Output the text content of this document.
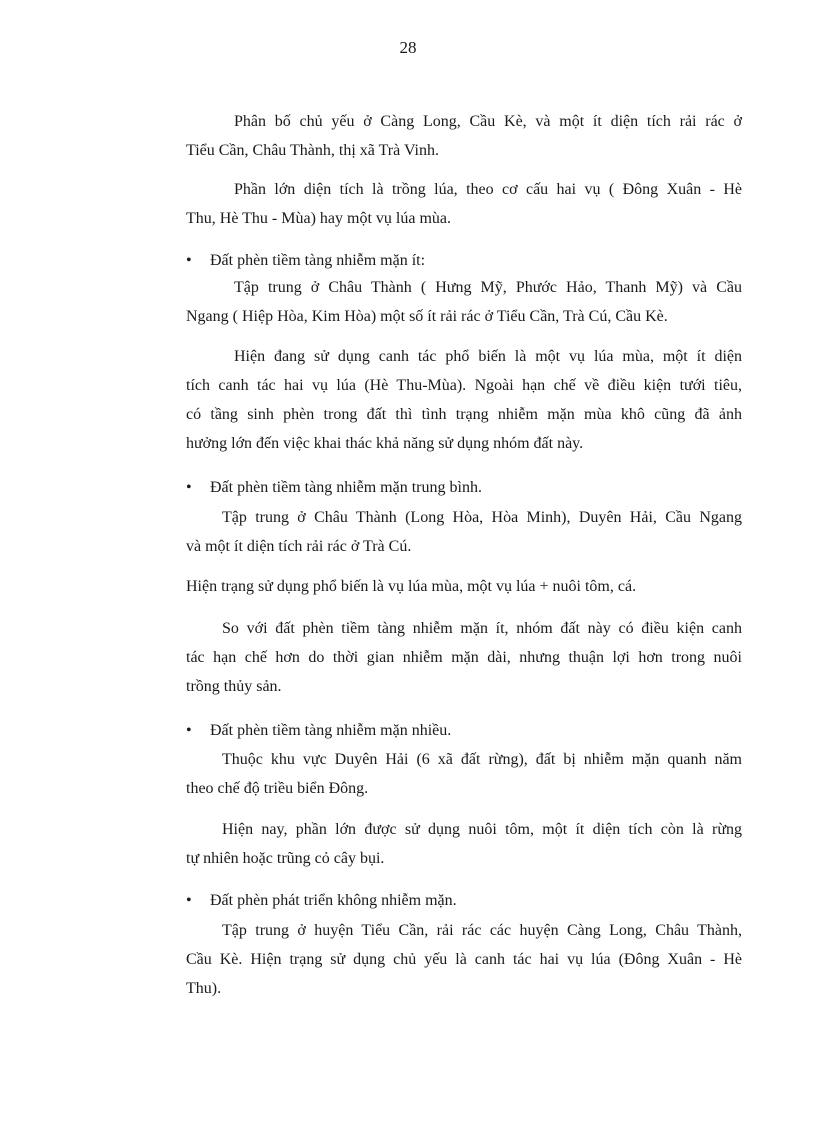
28
Phân bố chủ yếu ở Càng Long, Cầu Kè, và một ít diện tích rải rác ở
Tiểu Cần, Châu Thành, thị xã Trà Vinh.
Phần lớn diện tích là trồng lúa, theo cơ cấu hai vụ ( Đông Xuân - Hè
Thu, Hè Thu - Mùa) hay một vụ lúa mùa.
•	Đất phèn tiềm tàng nhiễm mặn ít:
Tập trung ở Châu Thành ( Hưng Mỹ, Phước Hảo, Thanh Mỹ) và Cầu
Ngang ( Hiệp Hòa, Kim Hòa) một số ít rải rác ở Tiểu Cần, Trà Cú, Cầu Kè.
Hiện đang sử dụng canh tác phổ biến là một vụ lúa mùa, một ít diện
tích canh tác hai vụ lúa (Hè Thu-Mùa). Ngoài hạn chế về điều kiện tưới tiêu,
có tầng sinh phèn trong đất thì tình trạng nhiễm mặn mùa khô cũng đã ảnh
hưởng lớn đến việc khai thác khả năng sử dụng nhóm đất này.
•	Đất phèn tiềm tàng nhiễm mặn trung bình.
Tập trung ở Châu Thành (Long Hòa, Hòa Minh), Duyên Hải, Cầu Ngang
và một ít diện tích rải rác ở Trà Cú.
Hiện trạng sử dụng phổ biến là vụ lúa mùa, một vụ lúa + nuôi tôm, cá.
So với đất phèn tiềm tàng nhiễm mặn ít, nhóm đất này có điều kiện canh
tác hạn chế hơn do thời gian nhiễm mặn dài, nhưng thuận lợi hơn trong nuôi
trồng thủy sản.
•	Đất phèn tiềm tàng nhiễm mặn nhiều.
Thuộc khu vực Duyên Hải (6 xã đất rừng), đất bị nhiễm mặn quanh năm
theo chế độ triều biển Đông.
Hiện nay, phần lớn được sử dụng nuôi tôm, một ít diện tích còn là rừng
tự nhiên hoặc trũng cỏ cây bụi.
•	Đất phèn phát triển không nhiễm mặn.
Tập trung ở huyện Tiểu Cần, rải rác các huyện Càng Long, Châu Thành,
Cầu Kè. Hiện trạng sử dụng chủ yếu là canh tác hai vụ lúa (Đông Xuân - Hè
Thu).
